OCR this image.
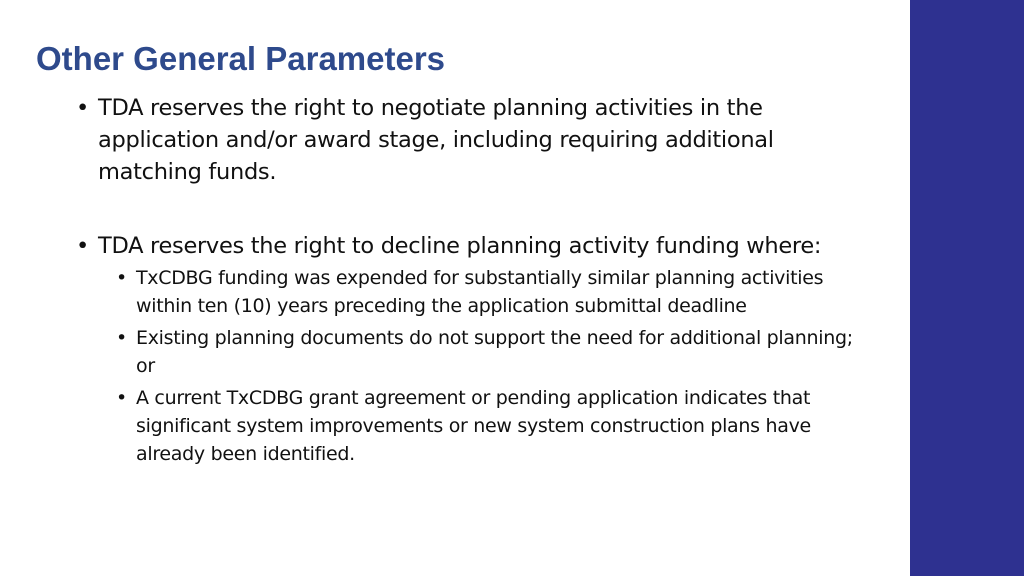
Other General Parameters
• TDA reserves the right to negotiate planning activities in the application and/or award stage, including requiring additional matching funds.
• TDA reserves the right to decline planning activity funding where:
• TxCDBG funding was expended for substantially similar planning activities within ten (10) years preceding the application submittal deadline
• Existing planning documents do not support the need for additional planning; or
• A current TxCDBG grant agreement or pending application indicates that significant system improvements or new system construction plans have already been identified.
